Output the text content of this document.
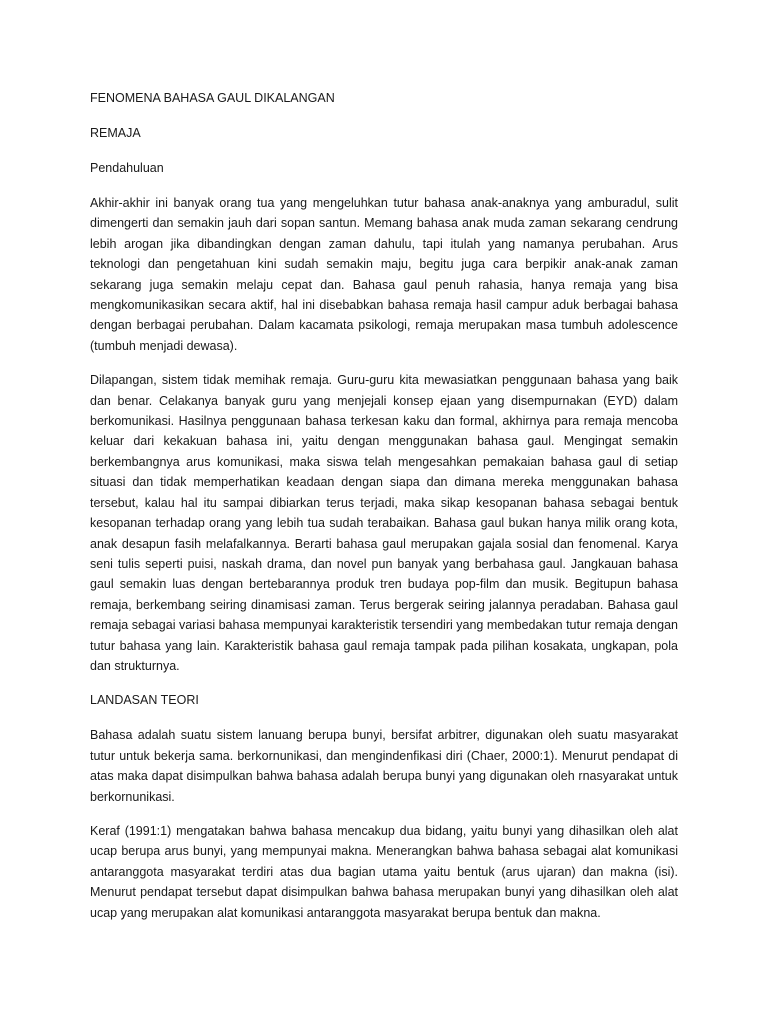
FENOMENA BAHASA GAUL DIKALANGAN

REMAJA

Pendahuluan

Akhir-akhir ini banyak orang tua yang mengeluhkan tutur bahasa anak-anaknya yang amburadul, sulit dimengerti dan semakin jauh dari sopan santun. Memang bahasa anak muda zaman sekarang cendrung lebih arogan jika dibandingkan dengan zaman dahulu, tapi itulah yang namanya perubahan. Arus teknologi dan pengetahuan kini sudah semakin maju, begitu juga cara berpikir anak-anak zaman sekarang juga semakin melaju cepat dan. Bahasa gaul penuh rahasia, hanya remaja yang bisa mengkomunikasikan secara aktif, hal ini disebabkan bahasa remaja hasil campur aduk berbagai bahasa dengan berbagai perubahan. Dalam kacamata psikologi, remaja merupakan masa tumbuh adolescence (tumbuh menjadi dewasa).

Dilapangan, sistem tidak memihak remaja. Guru-guru kita mewasiatkan penggunaan bahasa yang baik dan benar. Celakanya banyak guru yang menjejali konsep ejaan yang disempurnakan (EYD) dalam berkomunikasi. Hasilnya penggunaan bahasa terkesan kaku dan formal, akhirnya para remaja mencoba keluar dari kekakuan bahasa ini, yaitu dengan menggunakan bahasa gaul. Mengingat semakin berkembangnya arus komunikasi, maka siswa telah mengesahkan pemakaian bahasa gaul di setiap situasi dan tidak memperhatikan keadaan dengan siapa dan dimana mereka menggunakan bahasa tersebut, kalau hal itu sampai dibiarkan terus terjadi, maka sikap kesopanan bahasa sebagai bentuk kesopanan terhadap orang yang lebih tua sudah terabaikan. Bahasa gaul bukan hanya milik orang kota, anak desapun fasih melafalkannya. Berarti bahasa gaul merupakan gajala sosial dan fenomenal. Karya seni tulis seperti puisi, naskah drama, dan novel pun banyak yang berbahasa gaul. Jangkauan bahasa gaul semakin luas dengan bertebarannya produk tren budaya pop-film dan musik. Begitupun bahasa remaja, berkembang seiring dinamisasi zaman. Terus bergerak seiring jalannya peradaban. Bahasa gaul remaja sebagai variasi bahasa mempunyai karakteristik tersendiri yang membedakan tutur remaja dengan tutur bahasa yang lain. Karakteristik bahasa gaul remaja tampak pada pilihan kosakata, ungkapan, pola dan strukturnya.

LANDASAN TEORI

Bahasa adalah suatu sistem lanuang berupa bunyi, bersifat arbitrer, digunakan oleh suatu masyarakat tutur untuk bekerja sama. berkornunikasi, dan mengindenfikasi diri (Chaer, 2000:1). Menurut pendapat di atas maka dapat disimpulkan bahwa bahasa adalah berupa bunyi yang digunakan oleh rnasyarakat untuk berkornunikasi.

Keraf (1991:1) mengatakan bahwa bahasa mencakup dua bidang, yaitu bunyi yang dihasilkan oleh alat ucap berupa arus bunyi, yang mempunyai makna. Menerangkan bahwa bahasa sebagai alat komunikasi antaranggota masyarakat terdiri atas dua bagian utama yaitu bentuk (arus ujaran) dan makna (isi). Menurut pendapat tersebut dapat disimpulkan bahwa bahasa merupakan bunyi yang dihasilkan oleh alat ucap yang merupakan alat komunikasi antaranggota masyarakat berupa bentuk dan makna.
